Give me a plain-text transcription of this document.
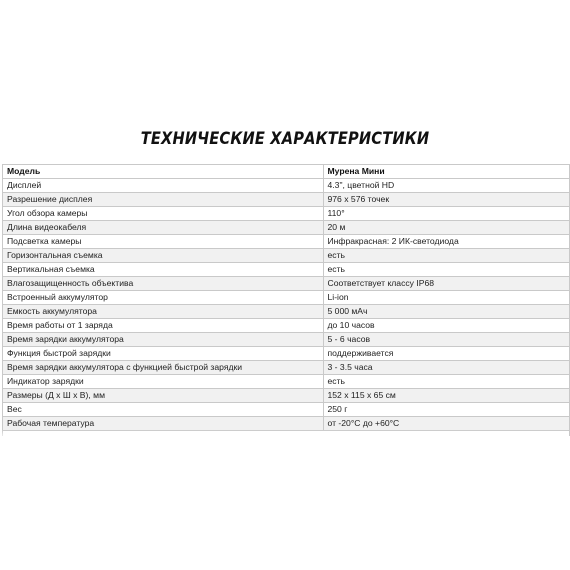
ТЕХНИЧЕСКИЕ ХАРАКТЕРИСТИКИ
Модель	Мурена Мини
Дисплей	4.3", цветной HD
Разрешение дисплея	976 х 576 точек
Угол обзора камеры	110°
Длина видеокабеля	20 м
Подсветка камеры	Инфракрасная: 2 ИК-светодиода
Горизонтальная съемка	есть
Вертикальная съемка	есть
Влагозащищенность объектива	Соответствует классу IP68
Встроенный аккумулятор	Li-ion
Емкость аккумулятора	5 000 мАч
Время работы от 1 заряда	до 10 часов
Время зарядки аккумулятора	5 - 6 часов
Функция быстрой зарядки	поддерживается
Время зарядки аккумулятора с функцией быстрой зарядки	3 - 3.5 часа
Индикатор зарядки	есть
Размеры (Д х Ш х В), мм	152 х 115 х 65 см
Вес	250 г
Рабочая температура	от -20°C до +60°C
